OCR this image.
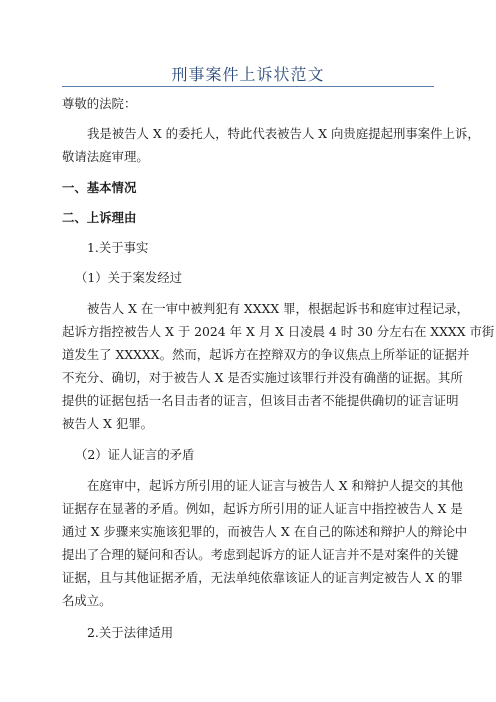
刑事案件上诉状范文
尊敬的法院：
我是被告人 X 的委托人，特此代表被告人 X 向贵庭提起刑事案件上诉，
敬请法庭审理。
一、基本情况
二、上诉理由
1.关于事实
（1）关于案发经过
被告人 X 在一审中被判犯有 XXXX 罪，根据起诉书和庭审过程记录，
起诉方指控被告人 X 于 2024 年 X 月 X 日凌晨 4 时 30 分左右在 XXXX 市街
道发生了 XXXXX。然而，起诉方在控辩双方的争议焦点上所举证的证据并
不充分、确切，对于被告人 X 是否实施过该罪行并没有确凿的证据。其所
提供的证据包括一名目击者的证言，但该目击者不能提供确切的证言证明
被告人 X 犯罪。
（2）证人证言的矛盾
在庭审中，起诉方所引用的证人证言与被告人 X 和辩护人提交的其他
证据存在显著的矛盾。例如，起诉方所引用的证人证言中指控被告人 X 是
通过 X 步骤来实施该犯罪的，而被告人 X 在自己的陈述和辩护人的辩论中
提出了合理的疑问和否认。考虑到起诉方的证人证言并不是对案件的关键
证据，且与其他证据矛盾，无法单纯依靠该证人的证言判定被告人 X 的罪
名成立。
2.关于法律适用
